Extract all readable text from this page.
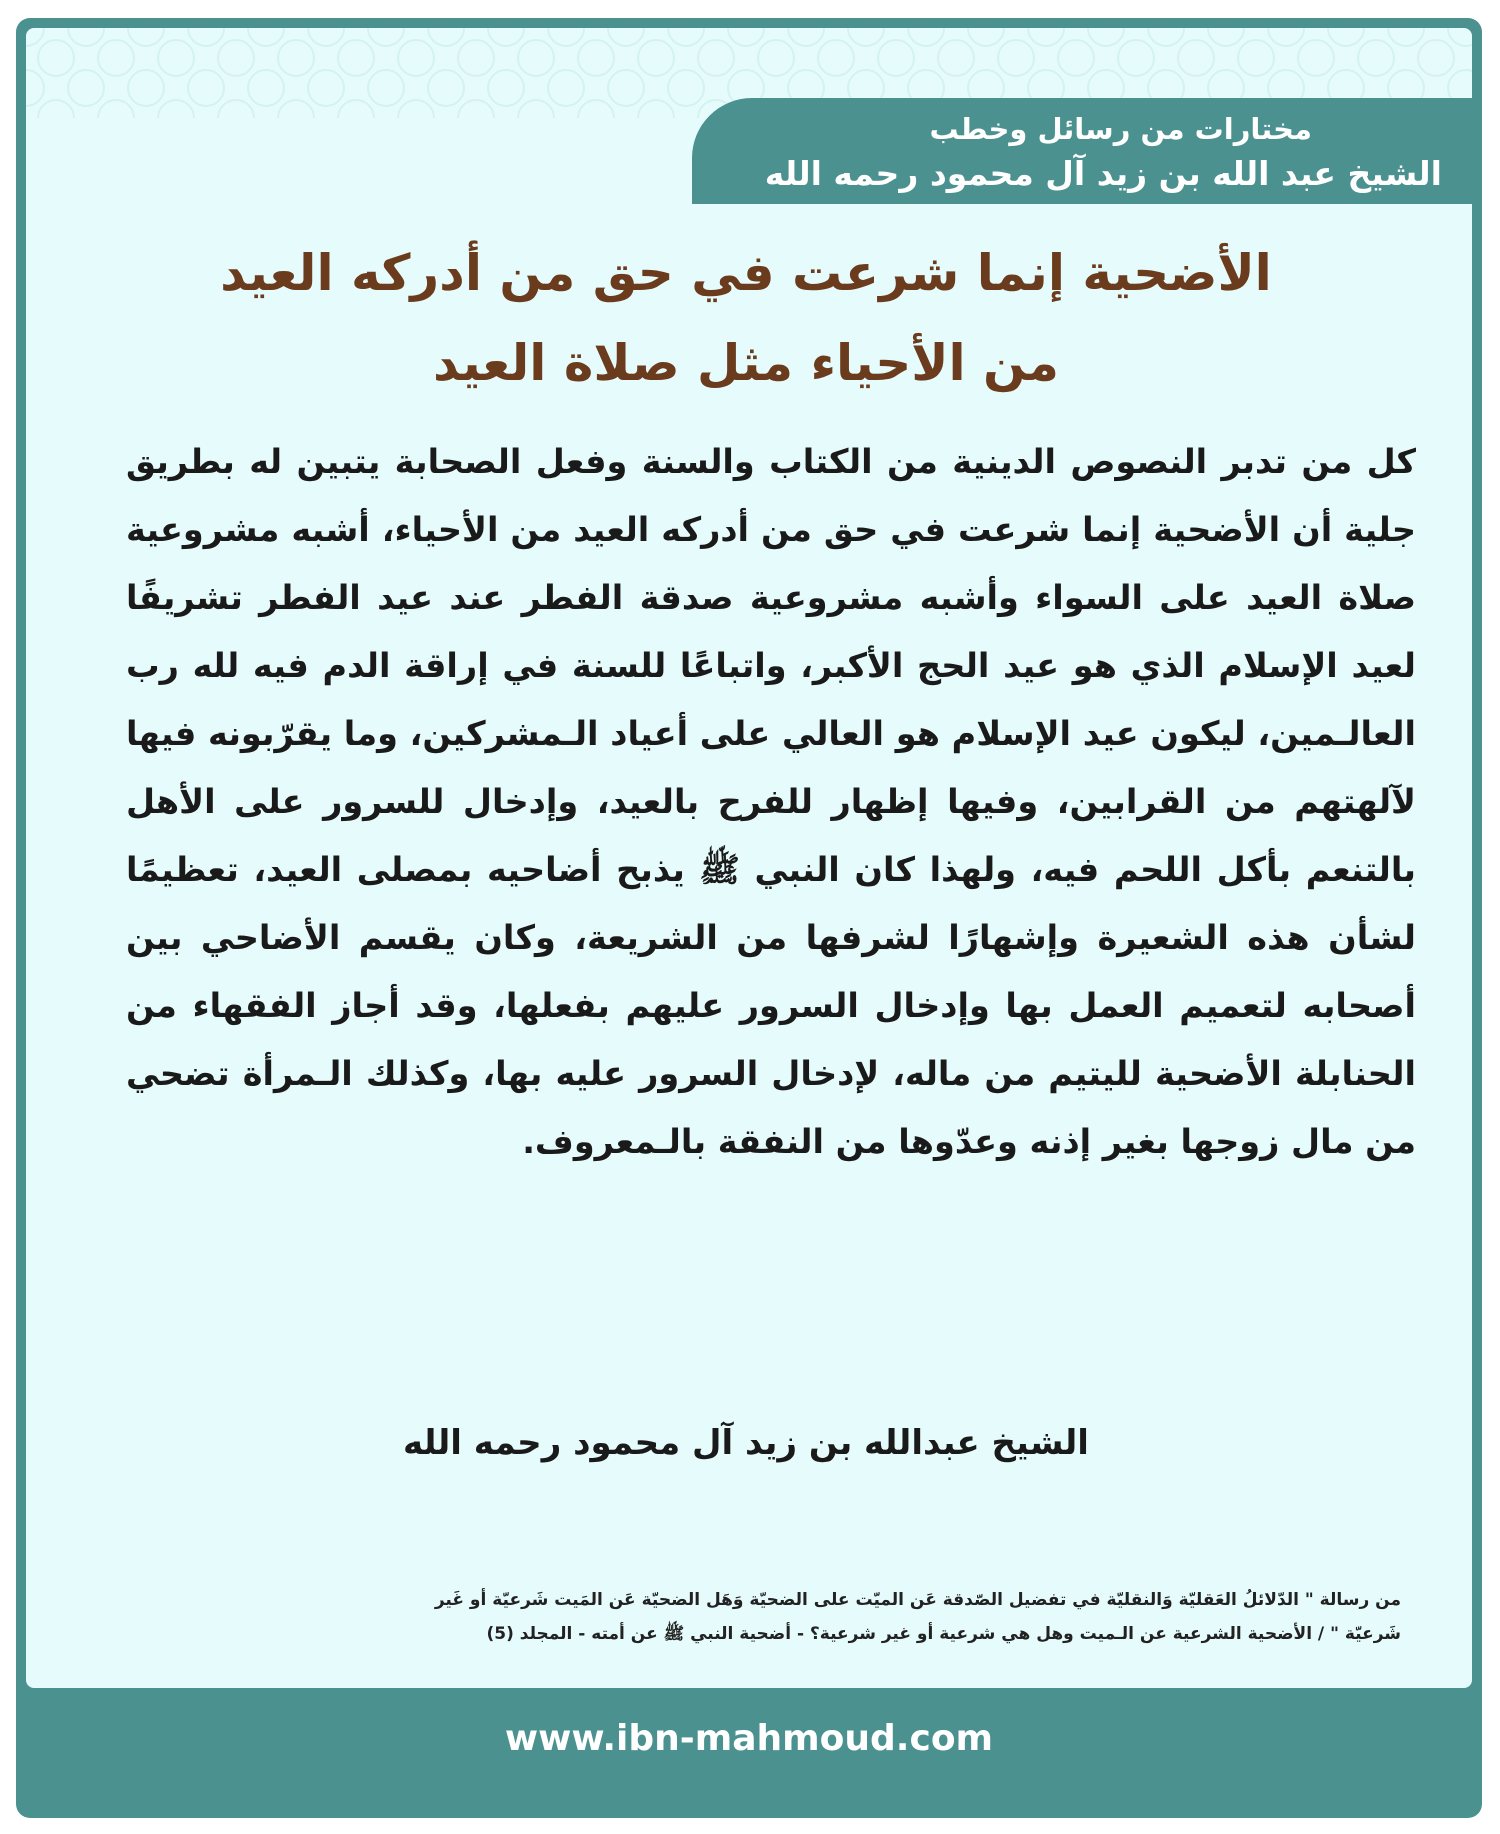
مختارات من رسائل وخطب
الشيخ عبد الله بن زيد آل محمود رحمه الله
الأضحية إنما شرعت في حق من أدركه العيد
من الأحياء مثل صلاة العيد
كل من تدبر النصوص الدينية من الكتاب والسنة وفعل الصحابة يتبين له بطريق جلية أن الأضحية إنما شرعت في حق من أدركه العيد من الأحياء، أشبه مشروعية صلاة العيد على السواء وأشبه مشروعية صدقة الفطر عند عيد الفطر تشريفًا لعيد الإسلام الذي هو عيد الحج الأكبر، واتباعًا للسنة في إراقة الدم فيه لله رب العالـمين، ليكون عيد الإسلام هو العالي على أعياد الـمشركين، وما يقرّبونه فيها لآلهتهم من القرابين، وفيها إظهار للفرح بالعيد، وإدخال للسرور على الأهل بالتنعم بأكل اللحم فيه، ولهذا كان النبي ﷺ يذبح أضاحيه بمصلى العيد، تعظيمًا لشأن هذه الشعيرة وإشهارًا لشرفها من الشريعة، وكان يقسم الأضاحي بين أصحابه لتعميم العمل بها وإدخال السرور عليهم بفعلها، وقد أجاز الفقهاء من الحنابلة الأضحية لليتيم من ماله، لإدخال السرور عليه بها، وكذلك الـمرأة تضحي من مال زوجها بغير إذنه وعدّوها من النفقة بالـمعروف.
الشيخ عبدالله بن زيد آل محمود رحمه الله
من رسالة " الدّلائلُ العَقليّة وَالنقليّة في تفضيل الصّدقة عَن الميّت على الضحيّة وَهَل الضحيّة عَن المَيت شَرعيّة أو غَير
شَرعيّة " / الأضحية الشرعية عن الـميت وهل هي شرعية أو غير شرعية؟ - أضحية النبي ﷺ عن أمته - المجلد (5)
www.ibn-mahmoud.com
